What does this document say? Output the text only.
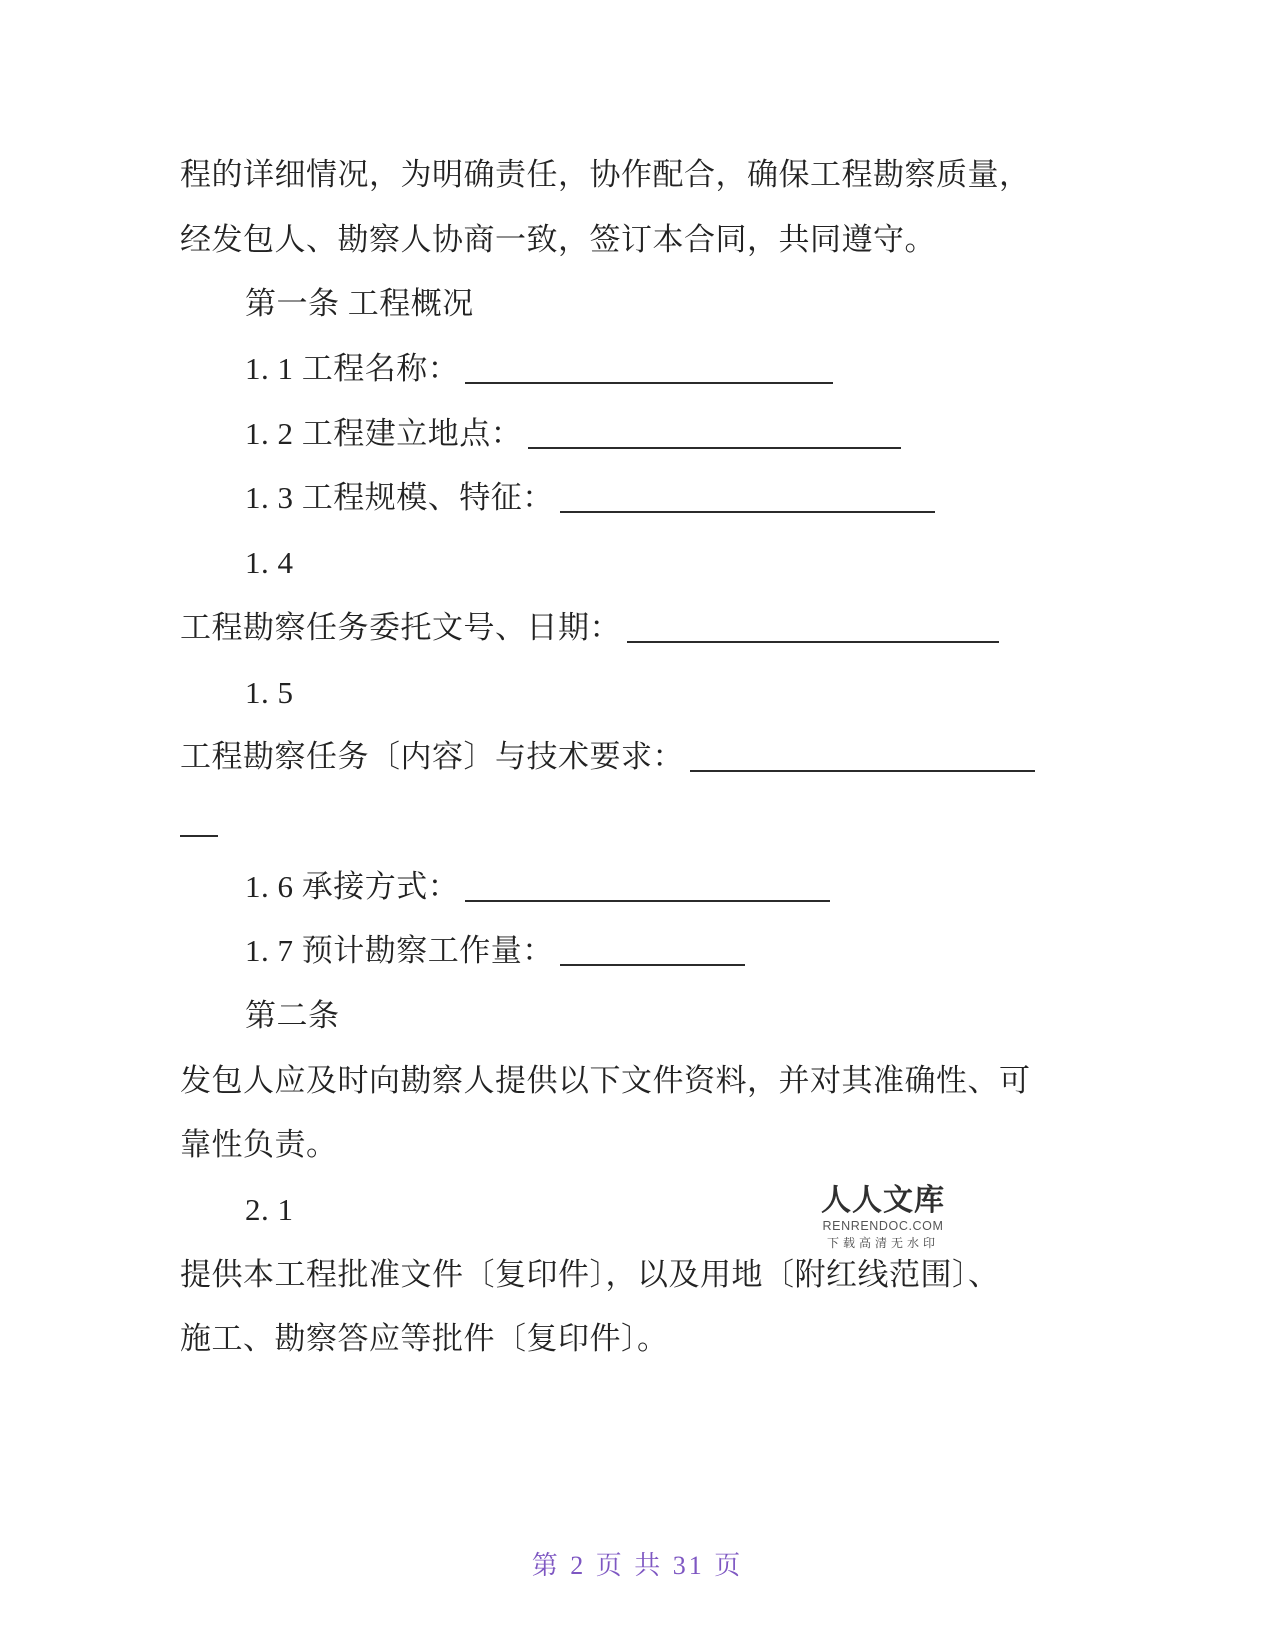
程的详细情况，为明确责任，协作配合，确保工程勘察质量，
经发包人、勘察人协商一致，签订本合同，共同遵守。
第一条 工程概况
1. 1 工程名称：
1. 2 工程建立地点：
1. 3 工程规模、特征：
1. 4
工程勘察任务委托文号、日期：
1. 5
工程勘察任务〔内容〕与技术要求：
1. 6 承接方式：
1. 7 预计勘察工作量：
第二条
发包人应及时向勘察人提供以下文件资料，并对其准确性、可
靠性负责。
2. 1
提供本工程批准文件〔复印件〕，以及用地〔附红线范围〕、
施工、勘察答应等批件〔复印件〕。
人人文库
RENRENDOC.COM
下载高清无水印
第 2 页 共 31 页
